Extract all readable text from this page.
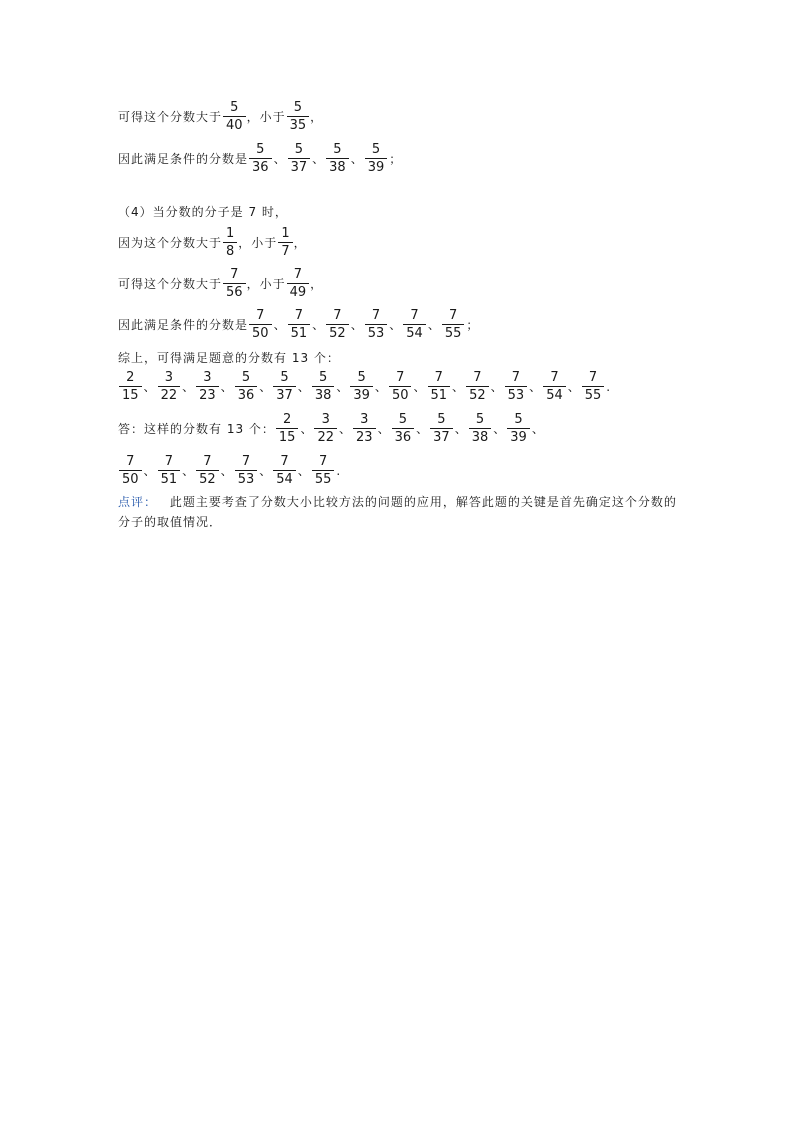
可得这个分数大于 $\frac{5}{40}$ ，小于 $\frac{5}{35}$ ，
因此满足条件的分数是 $\frac{5}{36}$ 、 $\frac{5}{37}$ 、 $\frac{5}{38}$ 、 $\frac{5}{39}$ ；
（4）当分数的分子是 7 时，
因为这个分数大于 $\frac{1}{8}$ ，小于 $\frac{1}{7}$ ，
可得这个分数大于 $\frac{7}{56}$ ，小于 $\frac{7}{49}$ ，
因此满足条件的分数是 $\frac{7}{50}$ 、 $\frac{7}{51}$ 、 $\frac{7}{52}$ 、 $\frac{7}{53}$ 、 $\frac{7}{54}$ 、 $\frac{7}{55}$ ；
综上，可得满足题意的分数有 13 个：
$\frac{2}{15}$ 、 $\frac{3}{22}$ 、 $\frac{3}{23}$ 、 $\frac{5}{36}$ 、 $\frac{5}{37}$ 、 $\frac{5}{38}$ 、 $\frac{5}{39}$ 、 $\frac{7}{50}$ 、 $\frac{7}{51}$ 、 $\frac{7}{52}$ 、 $\frac{7}{53}$ 、 $\frac{7}{54}$ 、 $\frac{7}{55}$ .
答：这样的分数有 13 个： $\frac{2}{15}$ 、 $\frac{3}{22}$ 、 $\frac{3}{23}$ 、 $\frac{5}{36}$ 、 $\frac{5}{37}$ 、 $\frac{5}{38}$ 、 $\frac{5}{39}$ 、
$\frac{7}{50}$ 、 $\frac{7}{51}$ 、 $\frac{7}{52}$ 、 $\frac{7}{53}$ 、 $\frac{7}{54}$ 、 $\frac{7}{55}$ .
点评： 此题主要考查了分数大小比较方法的问题的应用，解答此题的关键是首先确定这个分数的分子的取值情况．
